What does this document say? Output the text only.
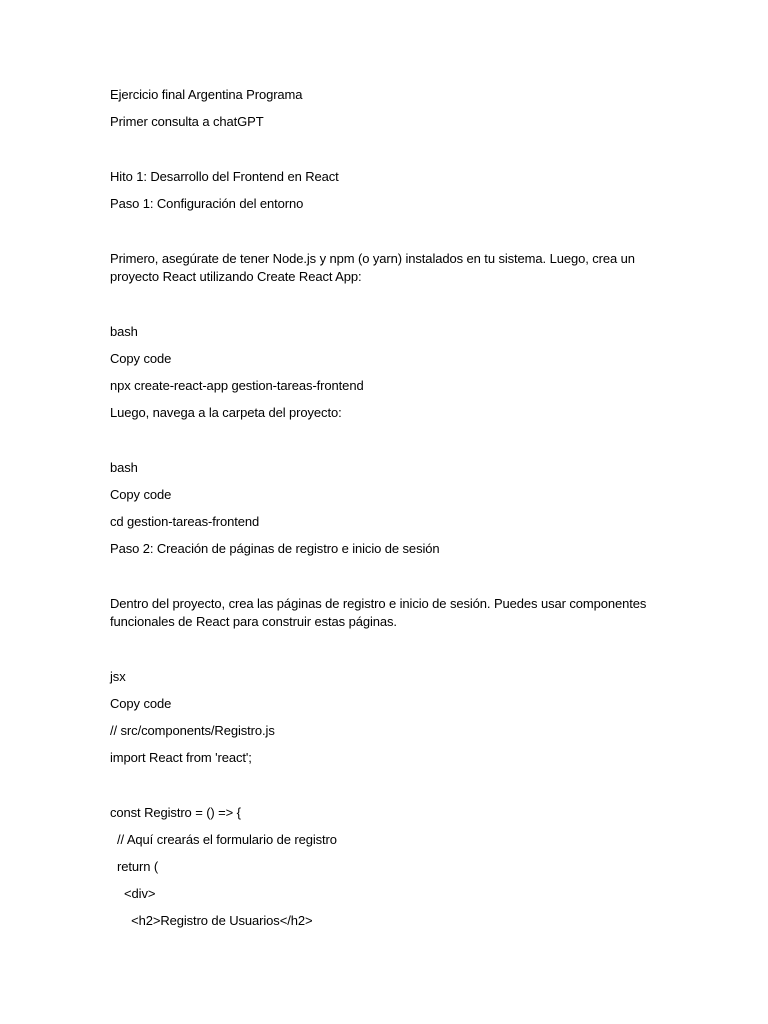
Ejercicio final Argentina Programa

Primer consulta a chatGPT

Hito 1: Desarrollo del Frontend en React

Paso 1: Configuración del entorno

Primero, asegúrate de tener Node.js y npm (o yarn) instalados en tu sistema. Luego, crea un proyecto React utilizando Create React App:

bash

Copy code

npx create-react-app gestion-tareas-frontend

Luego, navega a la carpeta del proyecto:

bash

Copy code

cd gestion-tareas-frontend

Paso 2: Creación de páginas de registro e inicio de sesión

Dentro del proyecto, crea las páginas de registro e inicio de sesión. Puedes usar componentes funcionales de React para construir estas páginas.

jsx

Copy code

// src/components/Registro.js

import React from 'react';

const Registro = () => {

// Aquí crearás el formulario de registro

return (

<div>

<h2>Registro de Usuarios</h2>
